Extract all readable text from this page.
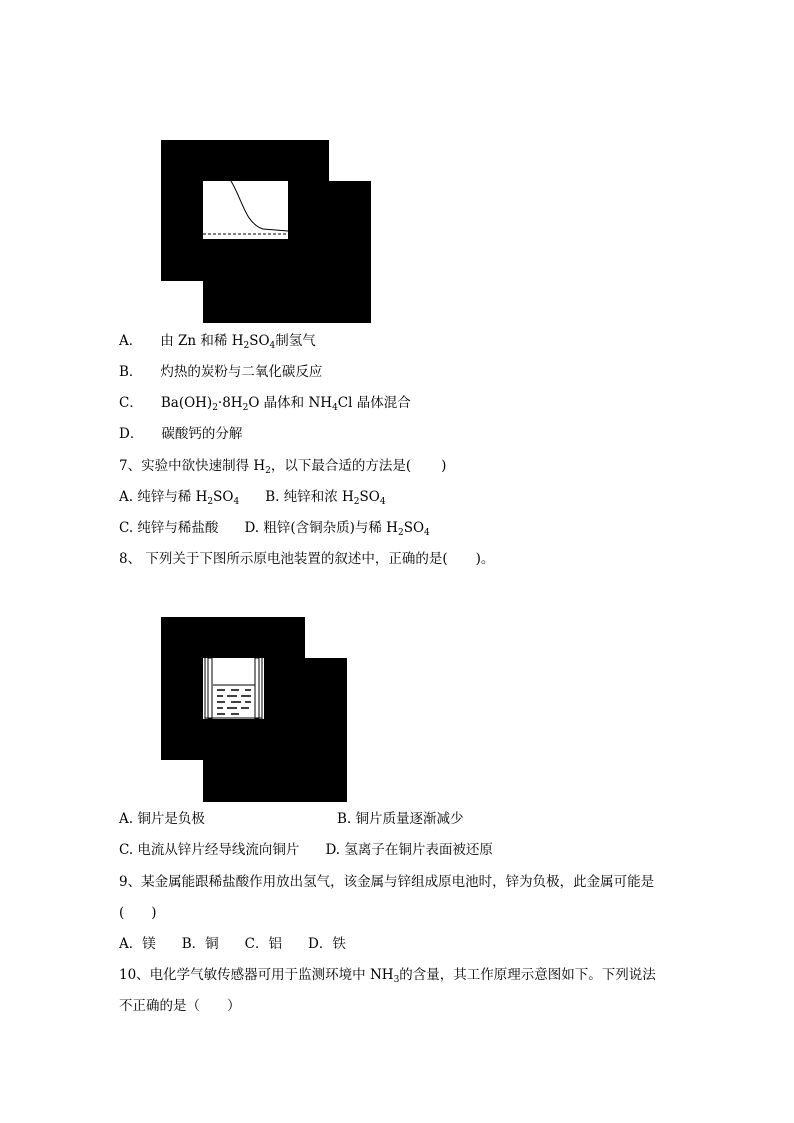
A． 由 Zn 和稀 $H_2SO_4$制氢气
B． 灼热的炭粉与二氧化碳反应
C． $Ba(OH)_2\cdot 8H_2O$ 晶体和 $NH_4Cl$ 晶体混合
D． 碳酸钙的分解
7、实验中欲快速制得 $H_2$，以下最合适的方法是( )
A. 纯锌与稀 $H_2SO_4$ B. 纯锌和浓 $H_2SO_4$
C. 纯锌与稀盐酸 D. 粗锌(含铜杂质)与稀 $H_2SO_4$
8、 下列关于下图所示原电池装置的叙述中，正确的是( )。
A. 铜片是负极	B. 铜片质量逐渐减少
C. 电流从锌片经导线流向铜片 D. 氢离子在铜片表面被还原
9、某金属能跟稀盐酸作用放出氢气，该金属与锌组成原电池时，锌为负极，此金属可能是
(　　)
A．镁 B．铜 C．铝 D．铁
10、电化学气敏传感器可用于监测环境中 $NH_3$的含量，其工作原理示意图如下。下列说法
不正确的是（　　）
